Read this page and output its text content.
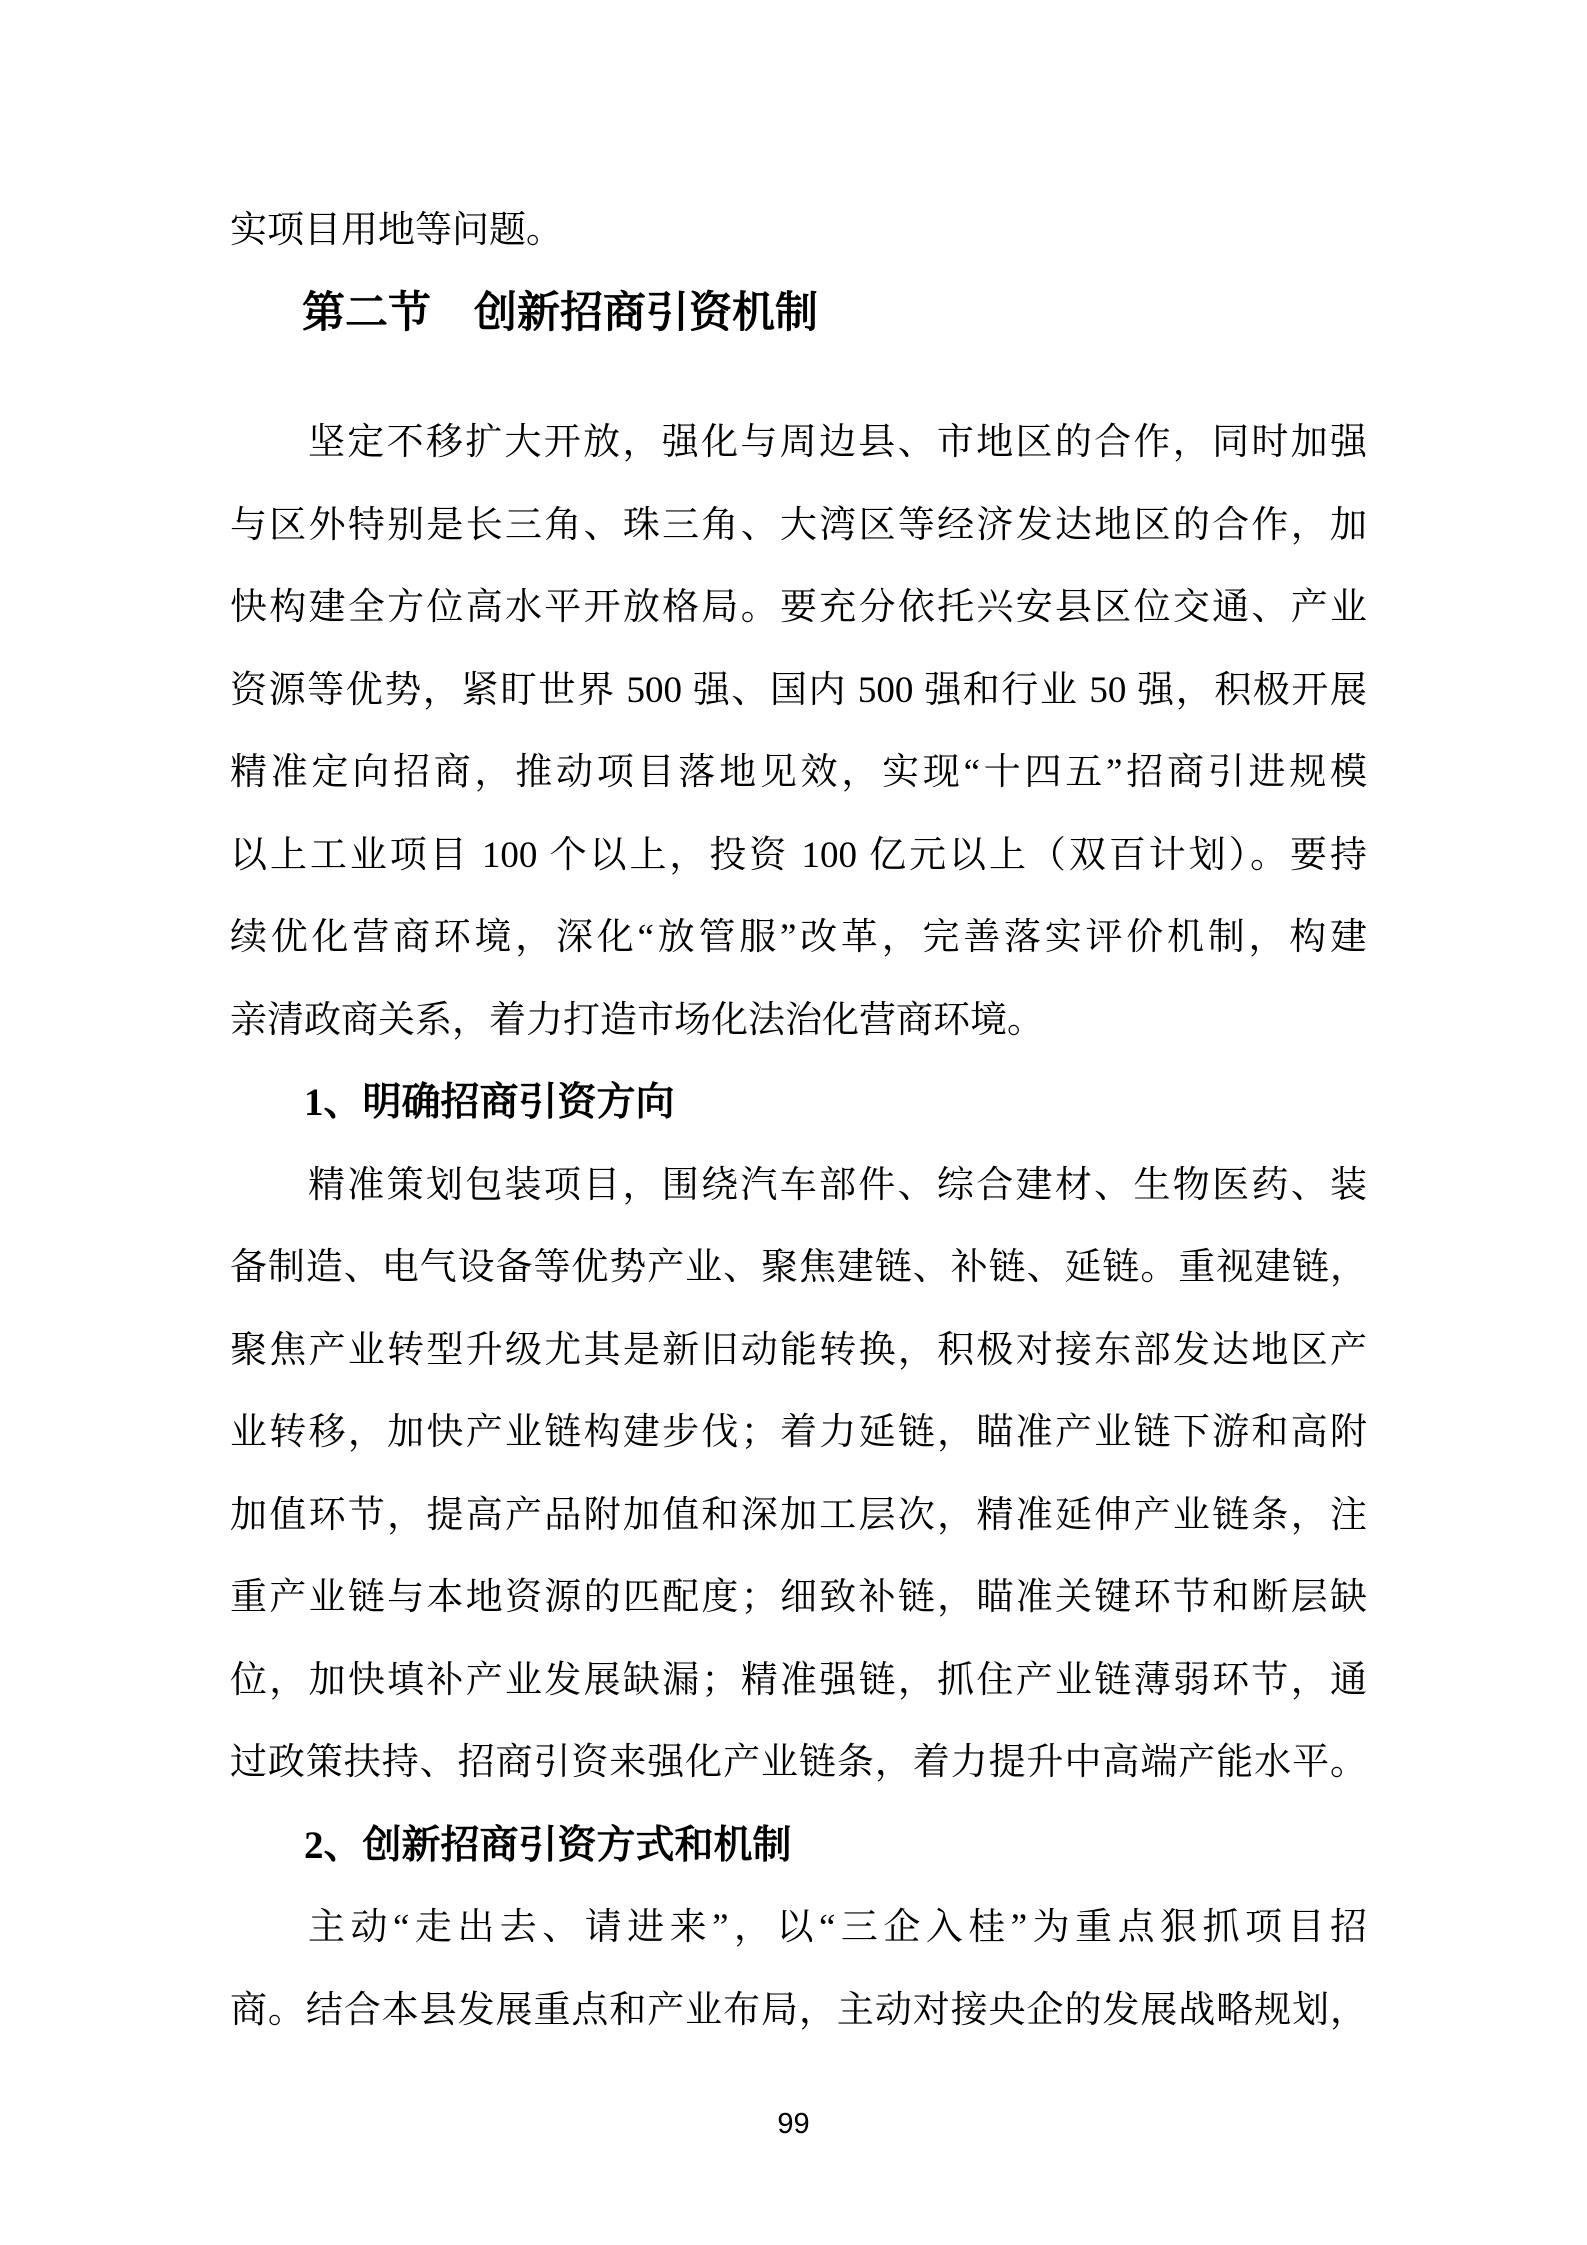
实项目用地等问题。
第二节　创新招商引资机制
坚定不移扩大开放，强化与周边县、市地区的合作，同时加强
与区外特别是长三角、珠三角、大湾区等经济发达地区的合作，加
快构建全方位高水平开放格局。要充分依托兴安县区位交通、产业
资源等优势，紧盯世界 500 强、国内 500 强和行业 50 强，积极开展
精准定向招商，推动项目落地见效，实现“十四五”招商引进规模
以上工业项目 100 个以上，投资 100 亿元以上（双百计划）。要持
续优化营商环境，深化“放管服”改革，完善落实评价机制，构建
亲清政商关系，着力打造市场化法治化营商环境。
1、明确招商引资方向
精准策划包装项目，围绕汽车部件、综合建材、生物医药、装
备制造、电气设备等优势产业、聚焦建链、补链、延链。重视建链，
聚焦产业转型升级尤其是新旧动能转换，积极对接东部发达地区产
业转移，加快产业链构建步伐；着力延链，瞄准产业链下游和高附
加值环节，提高产品附加值和深加工层次，精准延伸产业链条，注
重产业链与本地资源的匹配度；细致补链，瞄准关键环节和断层缺
位，加快填补产业发展缺漏；精准强链，抓住产业链薄弱环节，通
过政策扶持、招商引资来强化产业链条，着力提升中高端产能水平。
2、创新招商引资方式和机制
主动“走出去、请进来”，以“三企入桂”为重点狠抓项目招
商。结合本县发展重点和产业布局，主动对接央企的发展战略规划，
99
